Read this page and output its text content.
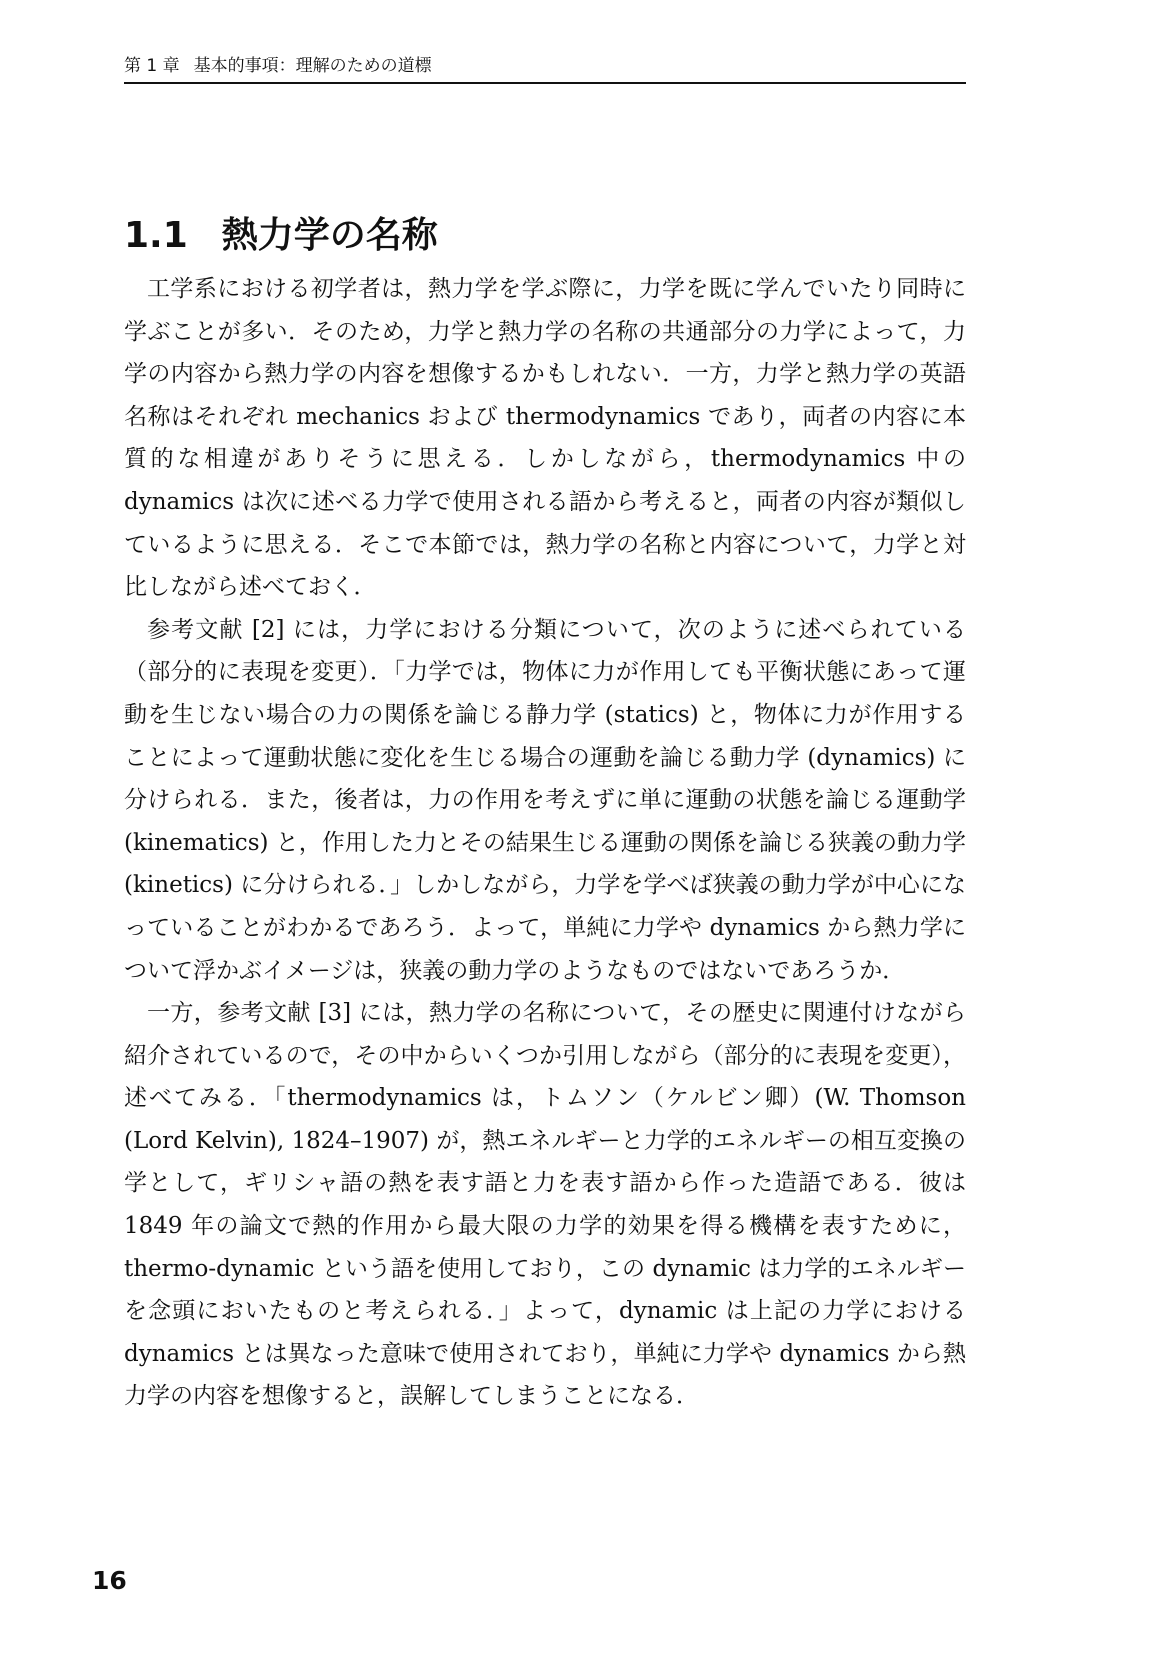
第 1 章 基本的事項：理解のための道標
1.1 熱力学の名称

工学系における初学者は，熱力学を学ぶ際に，力学を既に学んでいたり同時に学ぶことが多い．そのため，力学と熱力学の名称の共通部分の力学によって，力学の内容から熱力学の内容を想像するかもしれない．一方，力学と熱力学の英語名称はそれぞれ mechanics および thermodynamics であり，両者の内容に本質的な相違がありそうに思える．しかしながら，thermodynamics 中の dynamics は次に述べる力学で使用される語から考えると，両者の内容が類似しているように思える．そこで本節では，熱力学の名称と内容について，力学と対比しながら述べておく．

参考文献 [2] には，力学における分類について，次のように述べられている（部分的に表現を変更）．「力学では，物体に力が作用しても平衡状態にあって運動を生じない場合の力の関係を論じる静力学 (statics) と，物体に力が作用することによって運動状態に変化を生じる場合の運動を論じる動力学 (dynamics) に分けられる．また，後者は，力の作用を考えずに単に運動の状態を論じる運動学 (kinematics) と，作用した力とその結果生じる運動の関係を論じる狭義の動力学 (kinetics) に分けられる．」しかしながら，力学を学べば狭義の動力学が中心になっていることがわかるであろう．よって，単純に力学や dynamics から熱力学について浮かぶイメージは，狭義の動力学のようなものではないであろうか．

一方，参考文献 [3] には，熱力学の名称について，その歴史に関連付けながら紹介されているので，その中からいくつか引用しながら（部分的に表現を変更），述べてみる．「thermodynamics は，トムソン（ケルビン卿）(W. Thomson (Lord Kelvin), 1824–1907) が，熱エネルギーと力学的エネルギーの相互変換の学として，ギリシャ語の熱を表す語と力を表す語から作った造語である．彼は 1849 年の論文で熱的作用から最大限の力学的効果を得る機構を表すために，thermo-dynamic という語を使用しており，この dynamic は力学的エネルギーを念頭においたものと考えられる．」よって，dynamic は上記の力学における dynamics とは異なった意味で使用されており，単純に力学や dynamics から熱力学の内容を想像すると，誤解してしまうことになる．

16
